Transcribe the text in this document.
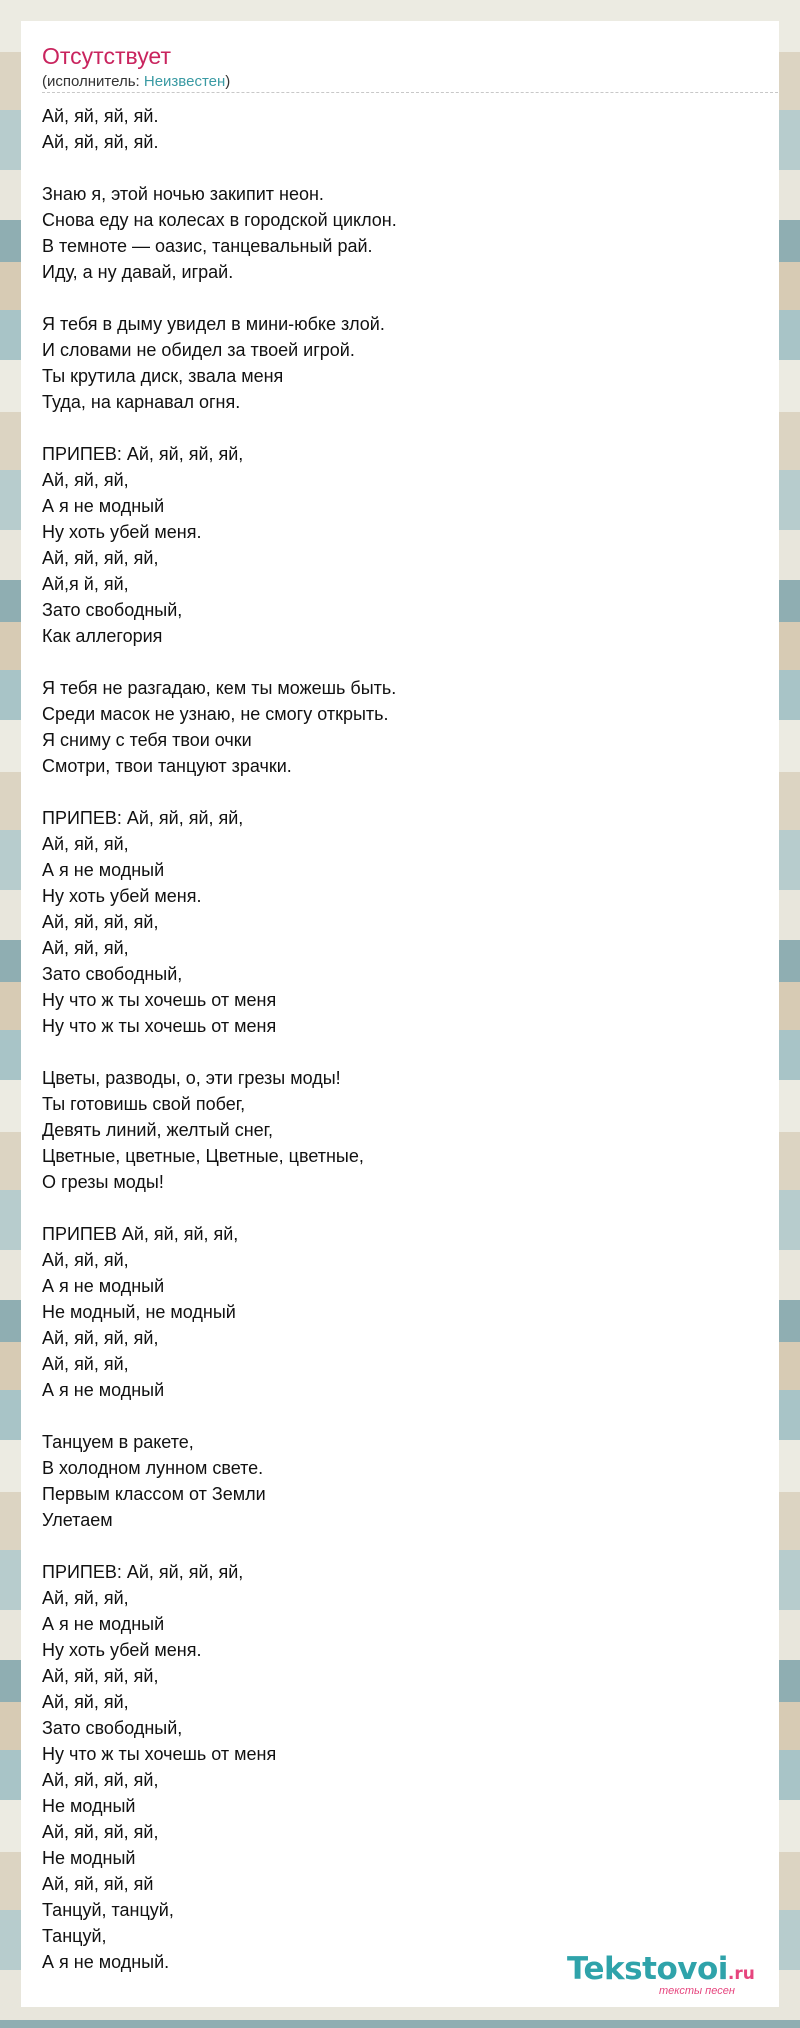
Отсутствует
(исполнитель: Неизвестен)
Ай, яй, яй, яй.
Ай, яй, яй, яй.
Знаю я, этой ночью закипит неон.
Снова еду на колесах в городской циклон.
В темноте — оазис, танцевальный рай.
Иду, а ну давай, играй.
Я тебя в дыму увидел в мини-юбке злой.
И словами не обидел за твоей игрой.
Ты крутила диск, звала меня
Туда, на карнавал огня.
ПРИПЕВ: Ай, яй, яй, яй,
Ай, яй, яй,
А я не модный
Ну хоть убей меня.
Ай, яй, яй, яй,
Ай,я й, яй,
Зато свободный,
Как аллегория
Я тебя не разгадаю, кем ты можешь быть.
Среди масок не узнаю, не смогу открыть.
Я сниму с тебя твои очки
Смотри, твои танцуют зрачки.
ПРИПЕВ: Ай, яй, яй, яй,
Ай, яй, яй,
А я не модный
Ну хоть убей меня.
Ай, яй, яй, яй,
Ай, яй, яй,
Зато свободный,
Ну что ж ты хочешь от меня
Ну что ж ты хочешь от меня
Цветы, разводы, о, эти грезы моды!
Ты готовишь свой побег,
Девять линий, желтый снег,
Цветные, цветные, Цветные, цветные,
О грезы моды!
ПРИПЕВ Ай, яй, яй, яй,
Ай, яй, яй,
А я не модный
Не модный, не модный
Ай, яй, яй, яй,
Ай, яй, яй,
А я не модный
Танцуем в ракете,
В холодном лунном свете.
Первым классом от Земли
Улетаем
ПРИПЕВ: Ай, яй, яй, яй,
Ай, яй, яй,
А я не модный
Ну хоть убей меня.
Ай, яй, яй, яй,
Ай, яй, яй,
Зато свободный,
Ну что ж ты хочешь от меня
Ай, яй, яй, яй,
Не модный
Ай, яй, яй, яй,
Не модный
Ай, яй, яй, яй
Танцуй, танцуй,
Танцуй,
А я не модный.	Tekstovoi.ru
тексты песен
